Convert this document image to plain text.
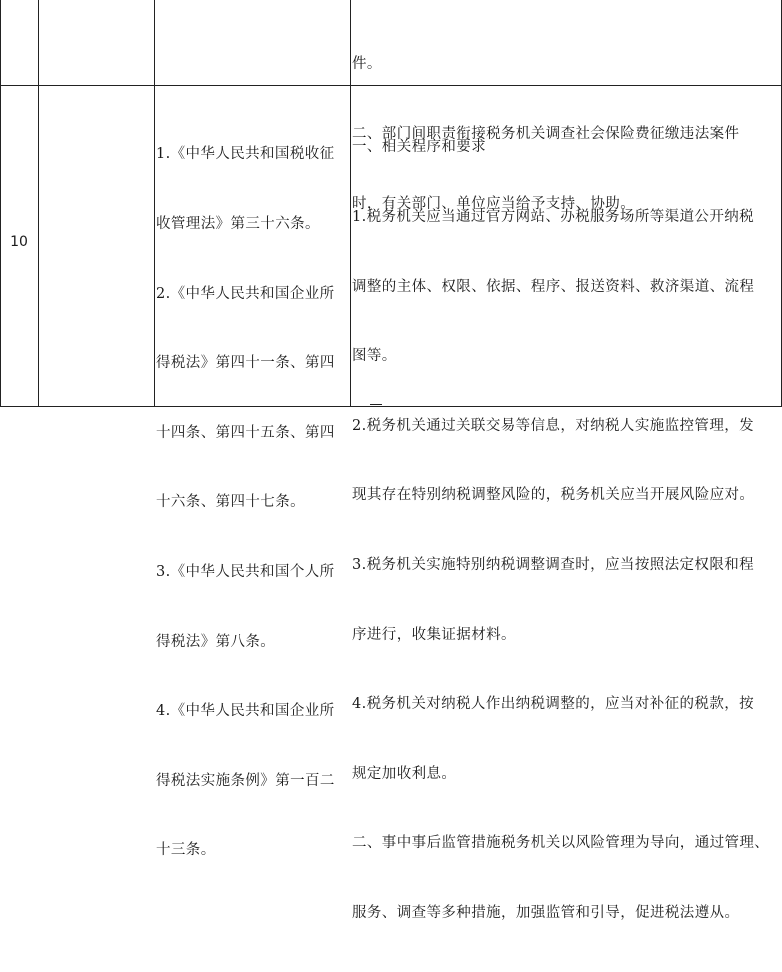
件。

二、部门间职责衔接税务机关调查社会保险费征缴违法案件

时，有关部门、单位应当给予支持、协助。

10

1.《中华人民共和国税收征

收管理法》第三十六条。

2.《中华人民共和国企业所

得税法》第四十一条、第四

十四条、第四十五条、第四

十六条、第四十七条。

3.《中华人民共和国个人所

得税法》第八条。

4.《中华人民共和国企业所

得税法实施条例》第一百二

十三条。

一、相关程序和要求

1.税务机关应当通过官方网站、办税服务场所等渠道公开纳税

调整的主体、权限、依据、程序、报送资料、救济渠道、流程

图等。

2.税务机关通过关联交易等信息，对纳税人实施监控管理，发

现其存在特别纳税调整风险的，税务机关应当开展风险应对。

3.税务机关实施特别纳税调整调查时，应当按照法定权限和程

序进行，收集证据材料。

4.税务机关对纳税人作出纳税调整的，应当对补征的税款，按

规定加收利息。

二、事中事后监管措施税务机关以风险管理为导向，通过管理、

服务、调查等多种措施，加强监管和引导，促进税法遵从。
